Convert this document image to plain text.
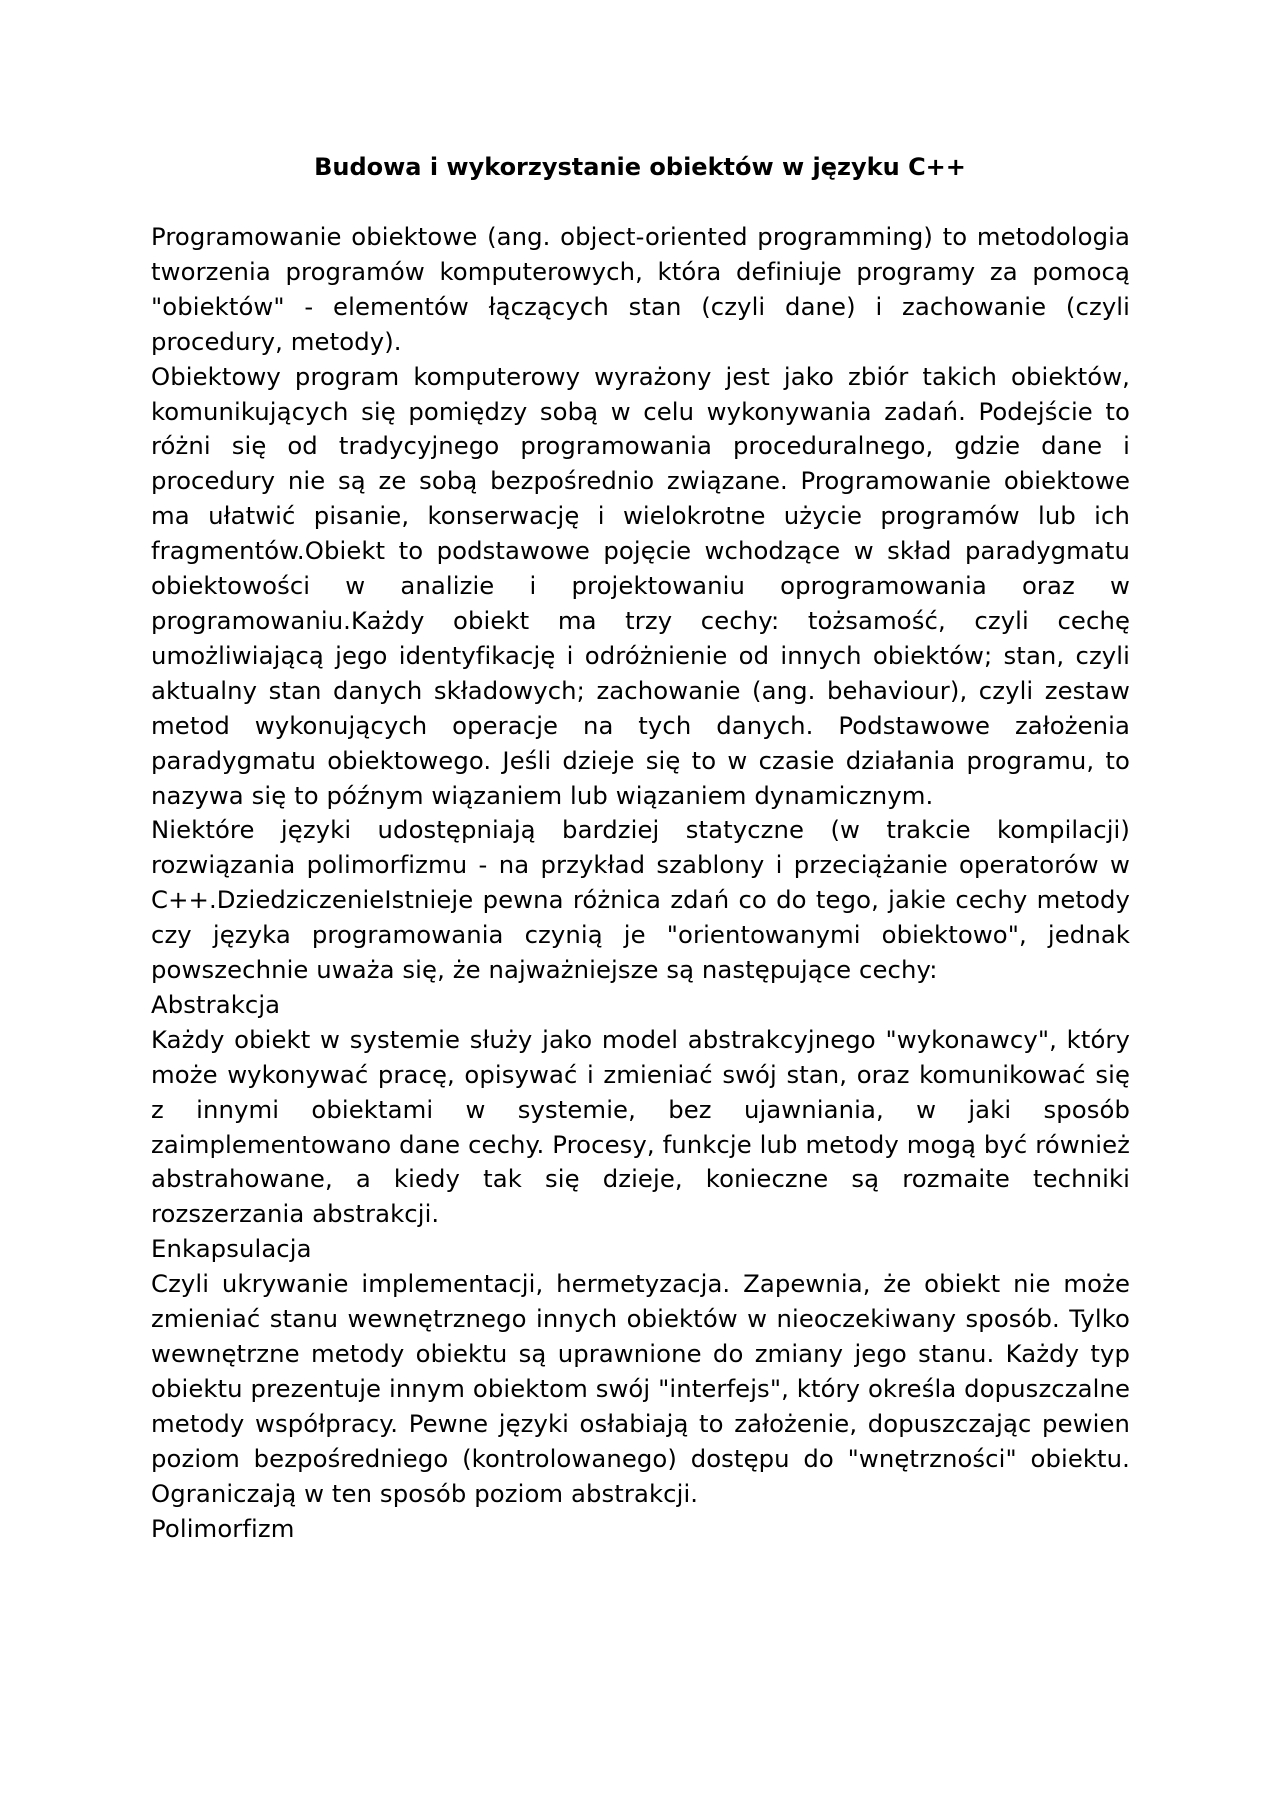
Budowa i wykorzystanie obiektów w języku C++

Programowanie obiektowe (ang. object-oriented programming) to metodologia tworzenia programów komputerowych, która definiuje programy za pomocą "obiektów" - elementów łączących stan (czyli dane) i zachowanie (czyli procedury, metody).

Obiektowy program komputerowy wyrażony jest jako zbiór takich obiektów, komunikujących się pomiędzy sobą w celu wykonywania zadań. Podejście to różni się od tradycyjnego programowania proceduralnego, gdzie dane i procedury nie są ze sobą bezpośrednio związane. Programowanie obiektowe ma ułatwić pisanie, konserwację i wielokrotne użycie programów lub ich fragmentów.Obiekt to podstawowe pojęcie wchodzące w skład paradygmatu obiektowości w analizie i projektowaniu oprogramowania oraz w programowaniu.Każdy obiekt ma trzy cechy: tożsamość, czyli cechę umożliwiającą jego identyfikację i odróżnienie od innych obiektów; stan, czyli aktualny stan danych składowych; zachowanie (ang. behaviour), czyli zestaw metod wykonujących operacje na tych danych. Podstawowe założenia paradygmatu obiektowego. Jeśli dzieje się to w czasie działania programu, to nazywa się to późnym wiązaniem lub wiązaniem dynamicznym.

Niektóre języki udostępniają bardziej statyczne (w trakcie kompilacji) rozwiązania polimorfizmu - na przykład szablony i przeciążanie operatorów w C++.DziedziczenieIstnieje pewna różnica zdań co do tego, jakie cechy metody czy języka programowania czynią je "orientowanymi obiektowo", jednak powszechnie uważa się, że najważniejsze są następujące cechy:

Abstrakcja

Każdy obiekt w systemie służy jako model abstrakcyjnego "wykonawcy", który może wykonywać pracę, opisywać i zmieniać swój stan, oraz komunikować się z innymi obiektami w systemie, bez ujawniania, w jaki sposób zaimplementowano dane cechy. Procesy, funkcje lub metody mogą być również abstrahowane, a kiedy tak się dzieje, konieczne są rozmaite techniki rozszerzania abstrakcji.

Enkapsulacja

Czyli ukrywanie implementacji, hermetyzacja. Zapewnia, że obiekt nie może zmieniać stanu wewnętrznego innych obiektów w nieoczekiwany sposób. Tylko wewnętrzne metody obiektu są uprawnione do zmiany jego stanu. Każdy typ obiektu prezentuje innym obiektom swój "interfejs", który określa dopuszczalne metody współpracy. Pewne języki osłabiają to założenie, dopuszczając pewien poziom bezpośredniego (kontrolowanego) dostępu do "wnętrzności" obiektu. Ograniczają w ten sposób poziom abstrakcji.

Polimorfizm
